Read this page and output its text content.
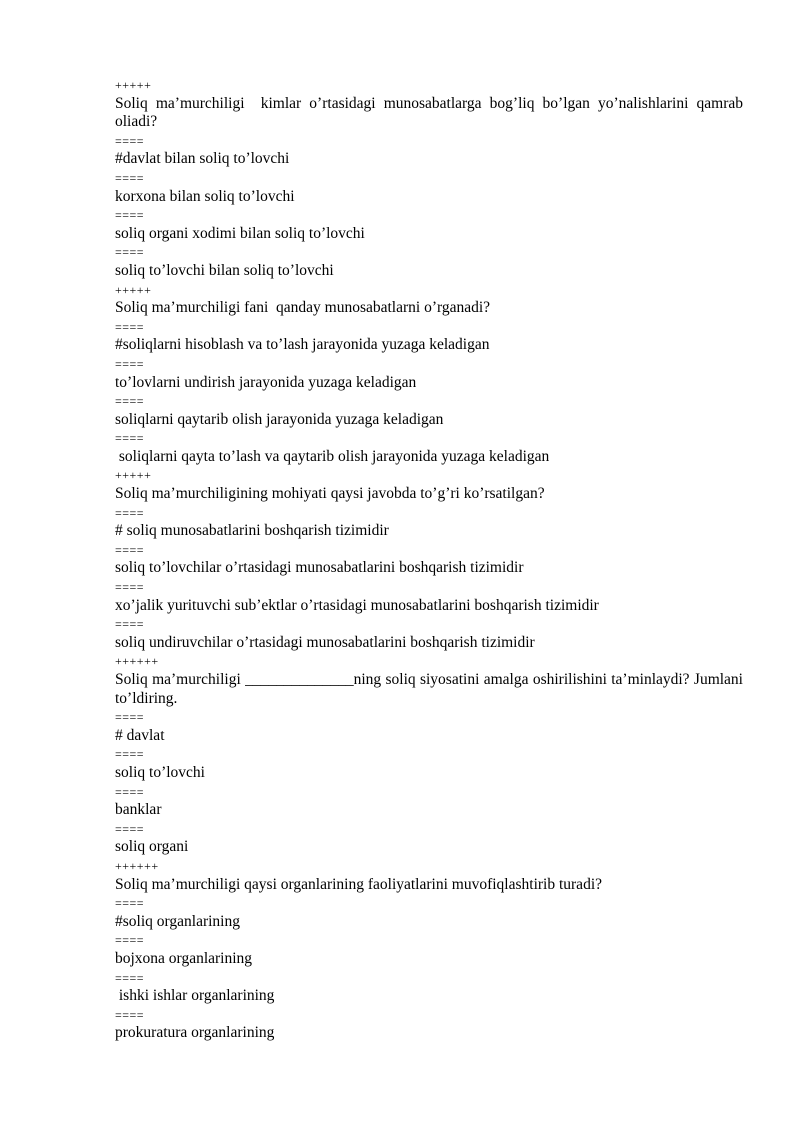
+++++
Soliq ma’murchiligi  kimlar o’rtasidagi munosabatlarga bog’liq bo’lgan yo’nalishlarini qamrab oliadi?
====
#davlat bilan soliq to’lovchi
====
korxona bilan soliq to’lovchi
====
soliq organi xodimi bilan soliq to’lovchi
====
soliq to’lovchi bilan soliq to’lovchi
+++++
Soliq ma’murchiligi fani  qanday munosabatlarni o’rganadi?
====
#soliqlarni hisoblash va to’lash jarayonida yuzaga keladigan
====
to’lovlarni undirish jarayonida yuzaga keladigan
====
soliqlarni qaytarib olish jarayonida yuzaga keladigan
====
soliqlarni qayta to’lash va qaytarib olish jarayonida yuzaga keladigan
+++++
Soliq ma’murchiligining mohiyati qaysi javobda to’g’ri ko’rsatilgan?
====
# soliq munosabatlarini boshqarish tizimidir
====
soliq to’lovchilar o’rtasidagi munosabatlarini boshqarish tizimidir
====
xo’jalik yurituvchi sub’ektlar o’rtasidagi munosabatlarini boshqarish tizimidir
====
soliq undiruvchilar o’rtasidagi munosabatlarini boshqarish tizimidir
++++++
Soliq ma’murchiligi ______________ning soliq siyosatini amalga oshirilishini ta’minlaydi? Jumlani to’ldiring.
====
# davlat
====
soliq to’lovchi
====
banklar
====
soliq organi
++++++
Soliq ma’murchiligi qaysi organlarining faoliyatlarini muvofiqlashtirib turadi?
====
#soliq organlarining
====
bojxona organlarining
====
ishki ishlar organlarining
====
prokuratura organlarining
